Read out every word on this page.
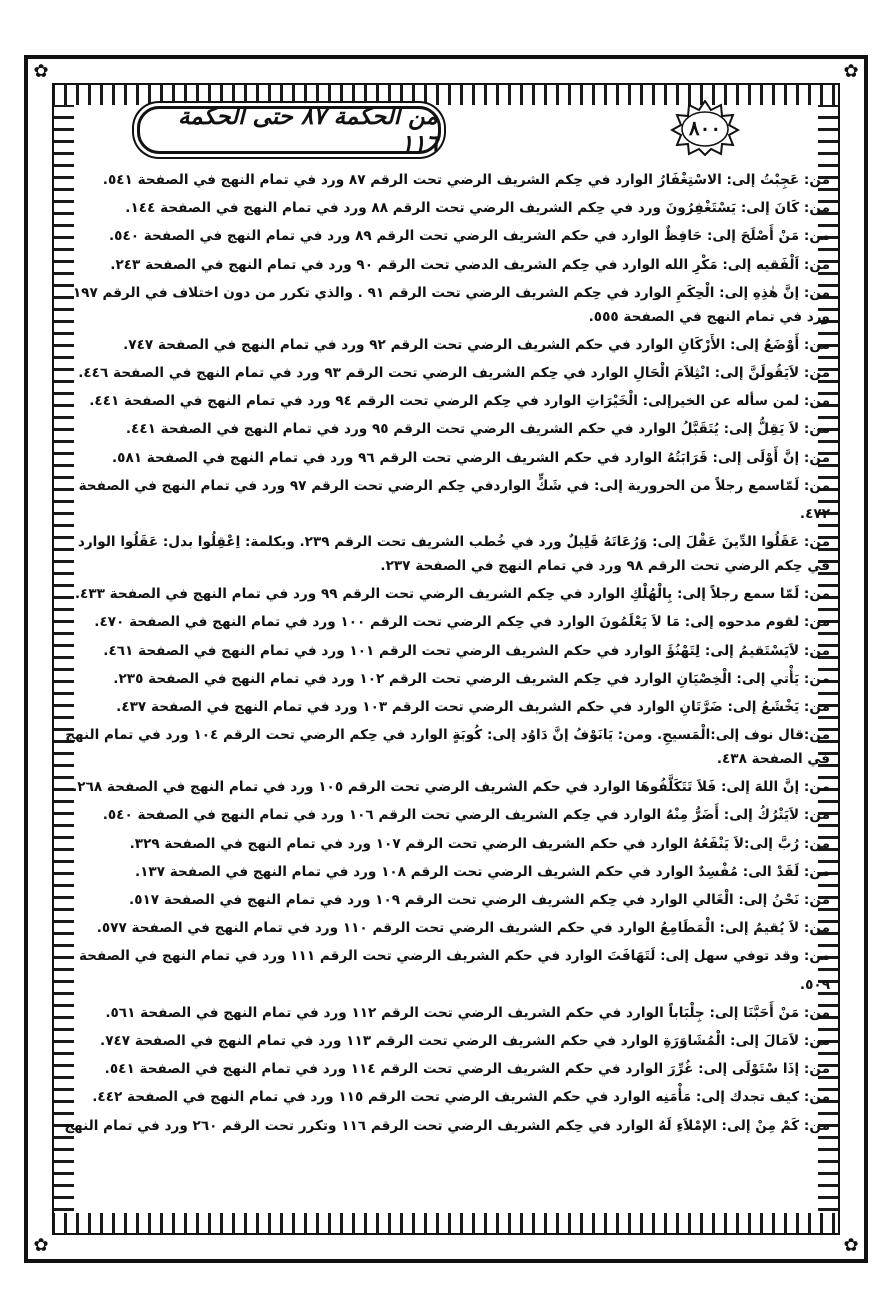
✿	✿
✿	✿
من الحكمة ٨٧ حتى الحكمة ١١٦
٨٠٠
من: عَجِبْتُ إلى: الاسْتِغْفَارُ الوارد في حِكم الشريف الرضي تحت الرقم ٨٧ ورد في تمام النهج في الصفحة ٥٤١.
من: كَانَ إلى: يَسْتَغْفِرُونَ ورد في حِكم الشريف الرضي تحت الرقم ٨٨ ورد في تمام النهج في الصفحة ١٤٤.
من: مَنْ أَصْلَحَ إلى: حَافِظٌ الوارد في حكم الشريف الرضي تحت الرقم ٨٩ ورد في تمام النهج في الصفحة ٥٤٠.
من: اَلْفَقيه إلى: مَكْرِ الله الوارد في حِكم الشريف الدضي تحت الرقم ٩٠ ورد في تمام النهج في الصفحة ٢٤٣.
من: إنَّ هٰذِهِ إلى: الْحِكَمِ الوارد في حِكم الشريف الرضي تحت الرقم ٩١ . والذي تكرر من دون اختلاف في الرقم ١٩٧ ورد في تمام النهج في الصفحة ٥٥٥.
من: أَوْضَعُ إلى: الأَرْكَانِ الوارد في حكم الشريف الرضي تحت الرقم ٩٢ ورد في تمام النهج في الصفحة ٧٤٧.
من: لاَيَقُولَنَّ إلى: انْثِلاَمَ الْحَالِ الوارد في حِكم الشريف الرضي تحت الرقم ٩٣ ورد في تمام النهج في الصفحة ٤٤٦.
من: لمن سأله عن الخيرإلى: الْخَيْرَاتِ الوارد في حِكم الرضي تحت الرقم ٩٤ ورد في تمام النهج في الصفحة ٤٤١.
من: لاَ يَقِلُّ إلى: يُتَقَبَّلُ الوارد في حكم الشريف الرضي تحت الرقم ٩٥ ورد في تمام النهج في الصفحة ٤٤١.
من: إنَّ أَوْلَى إلى: قَرَابَتُهُ الوارد في حكم الشريف الرضي تحت الرقم ٩٦ ورد في تمام النهج في الصفحة ٥٨١.
من: لَمّاسمع رجلاً من الحرورية إلى: في شَكٍّ الواردفي حِكم الرضي تحت الرقم ٩٧ ورد في تمام النهج في الصفحة ٤٧٢.
من: عَقَلُوا الدِّينَ عَقْلَ إلى: وَرُعَاتَهُ قَلِيلٌ ورد في خُطب الشريف تحت الرقم ٢٣٩. وبكلمة: اِعْقِلُوا بدل: عَقَلُوا الوارد في حِكم الرضي تحت الرقم ٩٨ ورد في تمام النهج في الصفحة ٢٣٧.
من: لَمّا سمع رجلاً إلى: بِالْهُلْكِ الوارد في حِكم الشريف الرضي تحت الرقم ٩٩ ورد في تمام النهج في الصفحة ٤٣٣.
من: لقوم مدحوه إلى: مَا لاَ يَعْلَمُونَ الوارد في حِكم الرضي تحت الرقم ١٠٠ ورد في تمام النهج في الصفحة ٤٧٠.
من: لاَيَسْتَقيمُ إلى: لِتَهْنُؤَ الوارد في حكم الشريف الرضي تحت الرقم ١٠١ ورد في تمام النهج في الصفحة ٤٦١.
من: يَأْتي إلى: الْخِصْيَانِ الوارد في حِكم الشريف الرضي تحت الرقم ١٠٢ ورد في تمام النهج في الصفحة ٢٣٥.
من: يَخْشَعُ إلى: ضَرَّتَانِ الوارد في حكم الشريف الرضي تحت الرقم ١٠٣ ورد في تمام النهج في الصفحة ٤٣٧.
من:قال نوف إلى:الْمَسيحِ. ومن: يَانَوْفُ إنَّ دَاوُد إلى: كُوبَةٍ الوارد في حِكم الرضي تحت الرقم ١٠٤ ورد في تمام النهج في الصفحة ٤٣٨.
من: إنَّ اللهَ إلى: فَلاَ تَتَكَلَّفُوهَا الوارد في حكم الشريف الرضي تحت الرقم ١٠٥ ورد في تمام النهج في الصفحة ٢٦٨.
من: لاَيَتْرُكُ إلى: أَضَرُّ مِنْهُ الوارد في حِكم الشريف الرضي تحت الرقم ١٠٦ ورد في تمام النهج في الصفحة ٥٤٠.
من: رُبَّ إلى:لاَ يَنْفَعُهُ الوارد في حكم الشريف الرضي تحت الرقم ١٠٧ ورد في تمام النهج في الصفحة ٣٢٩.
من: لَقَدْ الى: مُفْسِدٌ الوارد في حكم الشريف الرضي تحت الرقم ١٠٨ ورد في تمام النهج في الصفحة ١٣٧.
من: نَحْنُ إلى: الْغَالي الوارد في حِكم الشريف الرضي تحت الرقم ١٠٩ ورد في تمام النهج في الصفحة ٥١٧.
من: لاَ يُقيمُ إلى: الْمَطَامِعُ الوارد في حكم الشريف الرضي تحت الرقم ١١٠ ورد في تمام النهج في الصفحة ٥٧٧.
من: وقد توفي سهل إلى: لَتَهَافَتَ الوارد في حكم الشريف الرضي تحت الرقم ١١١ ورد في تمام النهج في الصفحة ٥٠٩.
من: مَنْ أَحَبَّنَا إلى: جِلْبَاباً الوارد في حكم الشريف الرضي تحت الرقم ١١٢ ورد في تمام النهج في الصفحة ٥٦١.
من: لاَمَالَ إلى: الْمُشَاوَرَةِ الوارد في حكم الشريف الرضي تحت الرقم ١١٣ ورد في تمام النهج في الصفحة ٧٤٧.
من: إذَا سْتَوْلَى إلى: غُرِّرَ الوارد في حكم الشريف الرضي تحت الرقم ١١٤ ورد في تمام النهج في الصفحة ٥٤١.
من: كيف تجدك إلى: مَأْمَنِه الوارد في حكم الشريف الرضي تحت الرقم ١١٥ ورد في تمام النهج في الصفحة ٤٤٢.
من: كَمْ مِنْ إلى: الإمْلاَءِ لَهُ الوارد في حِكم الشريف الرضي تحت الرقم ١١٦ وتكرر تحت الرقم ٢٦٠ ورد في تمام النهج
